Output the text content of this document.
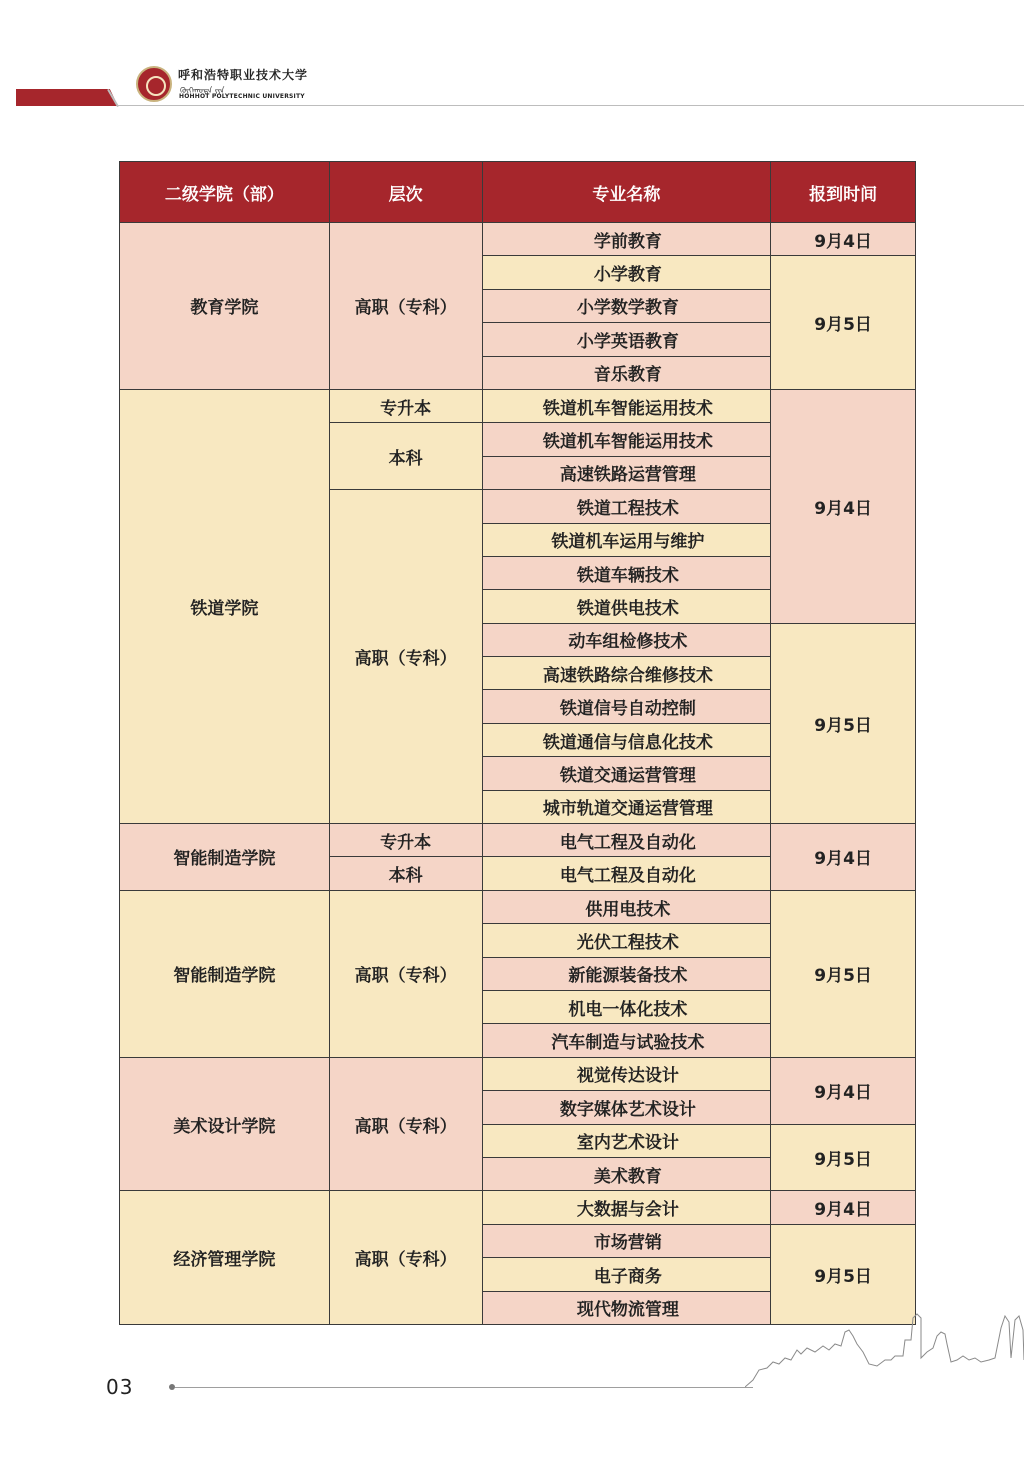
呼和浩特职业技术大学
ᠬᠥᠬᠡᠬᠣᠲᠠ ᠶᠢᠨ
HOHHOT POLYTECHNIC UNIVERSITY
二级学院（部）	层次	专业名称	报到时间
教育学院	高职（专科）	学前教育	9月4日
		小学教育	9月5日
		小学数学教育	
		小学英语教育	
		音乐教育	
铁道学院	专升本	铁道机车智能运用技术	9月4日
	本科	铁道机车智能运用技术	
		高速铁路运营管理	
	高职（专科）	铁道工程技术	
		铁道机车运用与维护	
		铁道车辆技术	
		铁道供电技术	
		动车组检修技术	9月5日
		高速铁路综合维修技术	
		铁道信号自动控制	
		铁道通信与信息化技术	
		铁道交通运营管理	
		城市轨道交通运营管理	
智能制造学院	专升本	电气工程及自动化	9月4日
	本科	电气工程及自动化	
智能制造学院	高职（专科）	供用电技术	9月5日
		光伏工程技术	
		新能源装备技术	
		机电一体化技术	
		汽车制造与试验技术	
美术设计学院	高职（专科）	视觉传达设计	9月4日
		数字媒体艺术设计	
		室内艺术设计	9月5日
		美术教育	
经济管理学院	高职（专科）	大数据与会计	9月4日
		市场营销	9月5日
		电子商务	
		现代物流管理	
03
